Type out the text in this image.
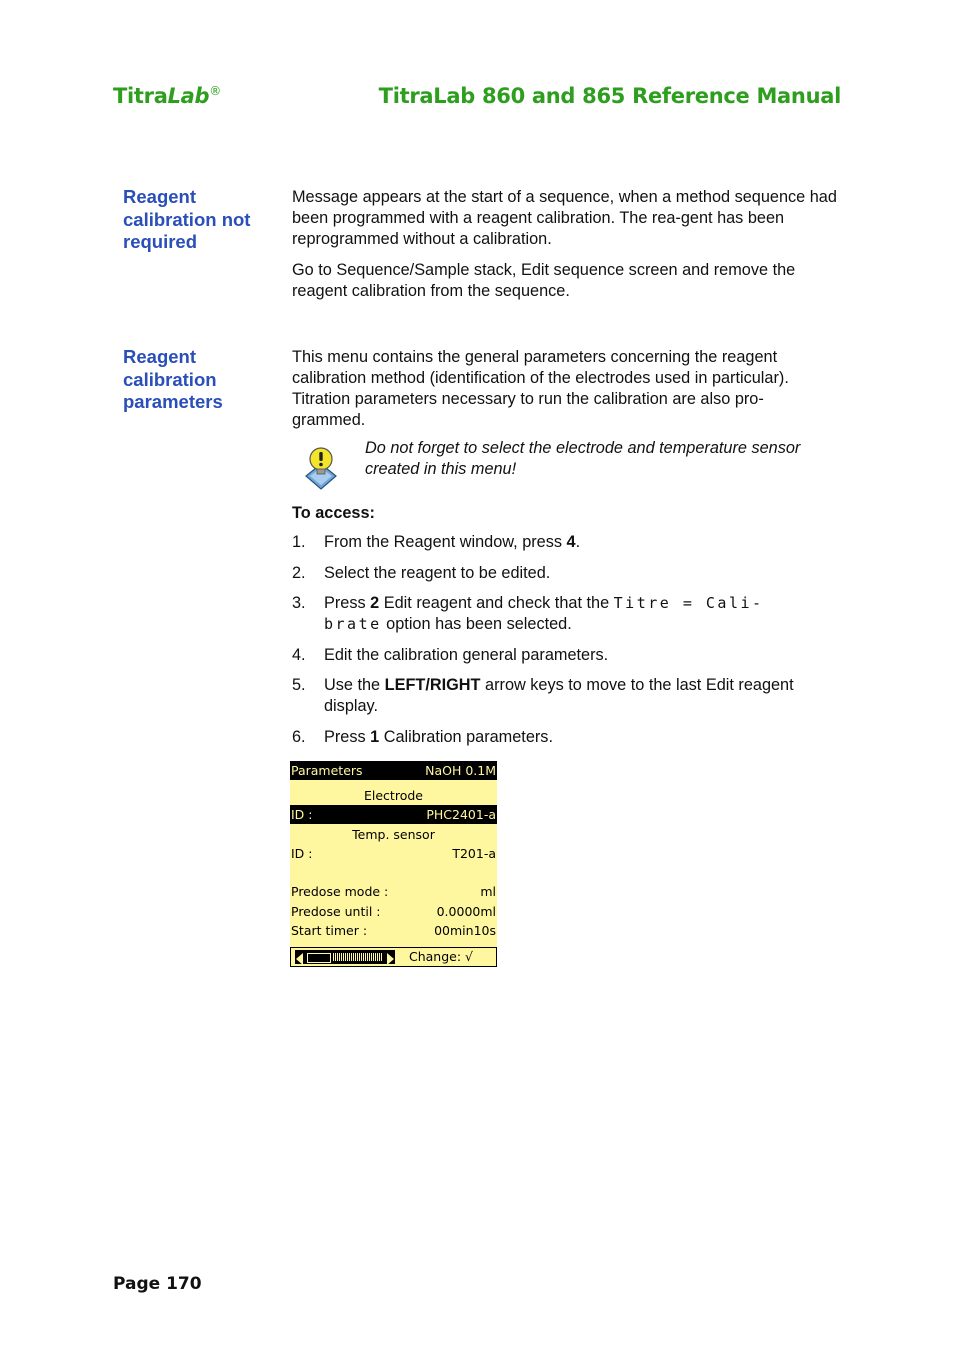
TitraLab®	TitraLab 860 and 865 Reference Manual
Reagent
calibration not
required

Message appears at the start of a sequence, when a method sequence had been programmed with a reagent calibration. The rea-gent has been reprogrammed without a calibration.

Go to Sequence/Sample stack, Edit sequence screen and remove the reagent calibration from the sequence.

Reagent
calibration
parameters

This menu contains the general parameters concerning the reagent calibration method (identification of the electrodes used in particular). Titration parameters necessary to run the calibration are also pro-grammed.

Do not forget to select the electrode and temperature sensor created in this menu!
To access:
1. From the Reagent window, press 4.
2. Select the reagent to be edited.
3. Press 2 Edit reagent and check that the Titre = Cali-
brate option has been selected.
4. Edit the calibration general parameters.
5. Use the LEFT/RIGHT arrow keys to move to the last Edit reagent display.
6. Press 1 Calibration parameters.
Parameters	NaOH 0.1M
Electrode
ID :	PHC2401-a
Temp. sensor
ID :	T201-a
Predose mode :	ml
Predose until :	0.0000ml
Start timer :	00min10s
Change: √
Page 170
